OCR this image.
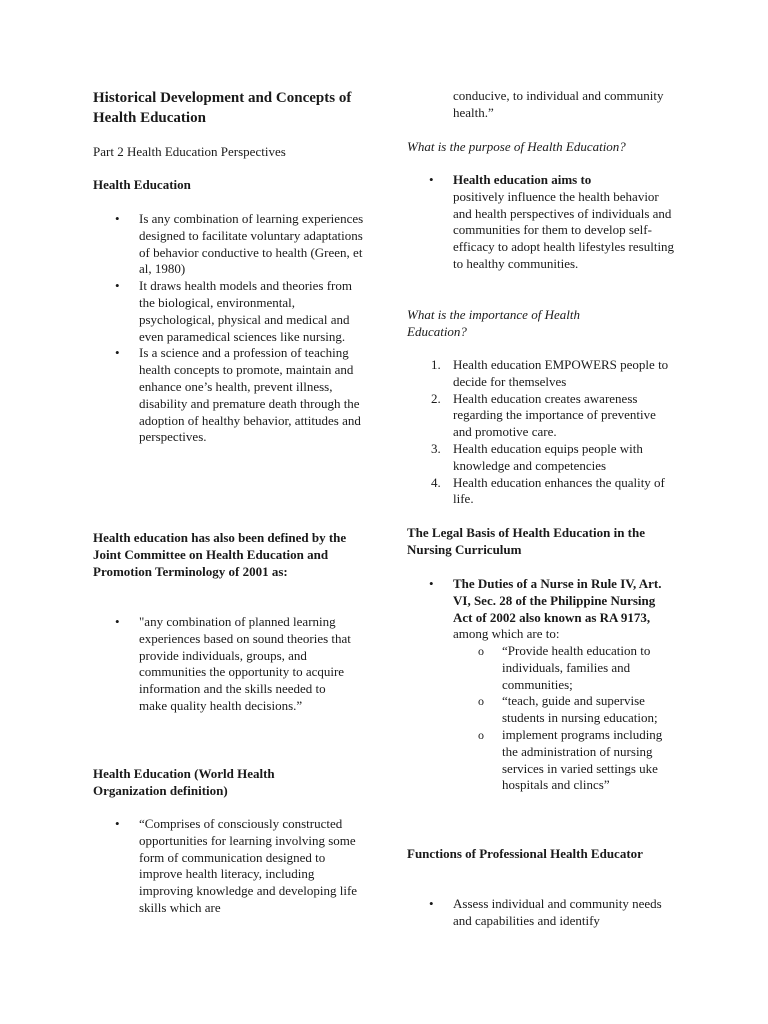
Historical Development and Concepts of Health Education
Part 2 Health Education Perspectives
Health Education
• Is any combination of learning experiences designed to facilitate voluntary adaptations of behavior conductive to health (Green, et al, 1980)
• It draws health models and theories from the biological, environmental, psychological, physical and medical and even paramedical sciences like nursing.
• Is a science and a profession of teaching health concepts to promote, maintain and enhance one’s health, prevent illness, disability and premature death through the adoption of healthy behavior, attitudes and perspectives.
Health education has also been defined by the Joint Committee on Health Education and Promotion Terminology of 2001 as:
• "any combination of planned learning experiences based on sound theories that provide individuals, groups, and communities the opportunity to acquire information and the skills needed to make quality health decisions.”
Health Education (World Health Organization definition)
• “Comprises of consciously constructed opportunities for learning involving some form of communication designed to improve health literacy, including improving knowledge and developing life skills which are
conducive, to individual and community health.”
What is the purpose of Health Education?
• Health education aims to
positively influence the health behavior and health perspectives of individuals and communities for them to develop self-efficacy to adopt health lifestyles resulting to healthy communities.
What is the importance of Health Education?
1. Health education EMPOWERS people to decide for themselves
2. Health education creates awareness regarding the importance of preventive and promotive care.
3. Health education equips people with knowledge and competencies
4. Health education enhances the quality of life.
The Legal Basis of Health Education in the Nursing Curriculum
• The Duties of a Nurse in Rule IV, Art. VI, Sec. 28 of the Philippine Nursing Act of 2002 also known as RA 9173, among which are to:
o “Provide health education to individuals, families and communities;
o “teach, guide and supervise students in nursing education;
o implement programs including the administration of nursing services in varied settings uke hospitals and clincs”
Functions of Professional Health Educator
• Assess individual and community needs and capabilities and identify
